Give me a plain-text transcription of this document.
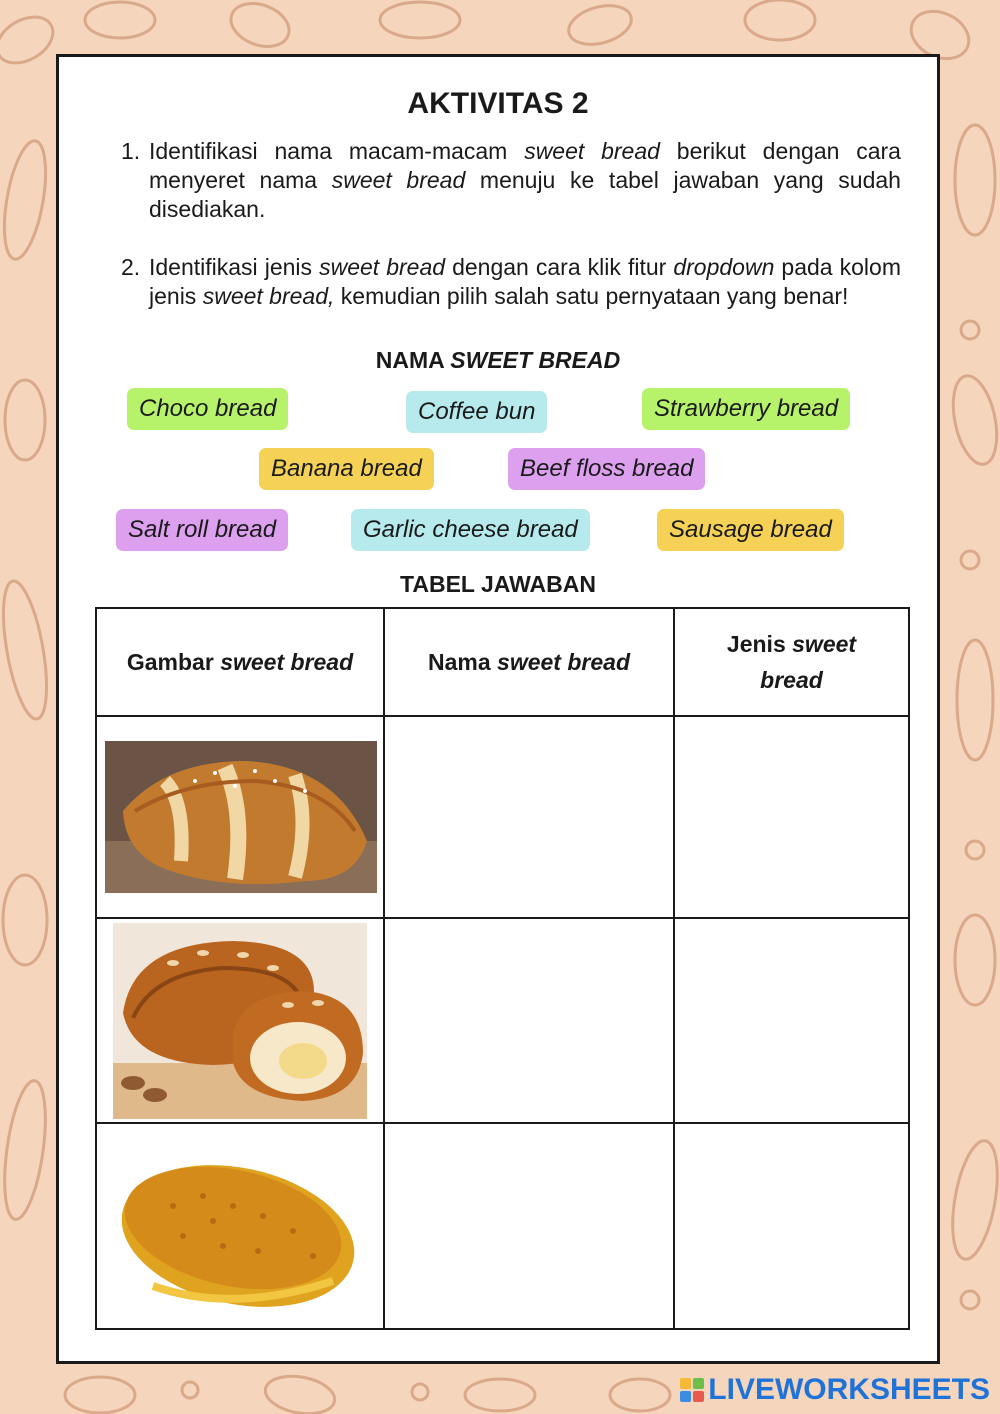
AKTIVITAS 2
1. Identifikasi nama macam-macam sweet bread berikut dengan cara menyeret nama sweet bread menuju ke tabel jawaban yang sudah disediakan.
2. Identifikasi jenis sweet bread dengan cara klik fitur dropdown pada kolom jenis sweet bread, kemudian pilih salah satu pernyataan yang benar!
NAMA SWEET BREAD
Choco bread	Coffee bun	Strawberry bread
Banana bread	Beef floss bread
Salt roll bread	Garlic cheese bread	Sausage bread
TABEL JAWABAN
Gambar sweet bread	Nama sweet bread	Jenis sweet bread

LIVEWORKSHEETS
